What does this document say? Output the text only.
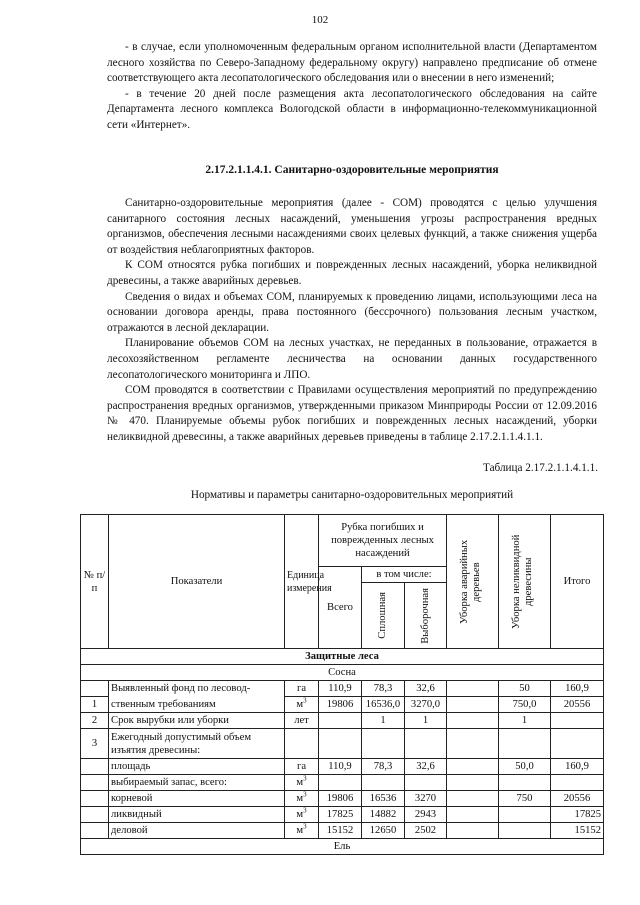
102

- в случае, если уполномоченным федеральным органом исполнительной власти (Департаментом лесного хозяйства по Северо-Западному федеральному округу) направлено предписание об отмене соответствующего акта лесопатологического обследования или о внесении в него изменений;

- в течение 20 дней после размещения акта лесопатологического обследования на сайте Департамента лесного комплекса Вологодской области в информационно-телекоммуникационной сети «Интернет».

2.17.2.1.1.4.1. Санитарно-оздоровительные мероприятия

Санитарно-оздоровительные мероприятия (далее - СОМ) проводятся с целью улучшения санитарного состояния лесных насаждений, уменьшения угрозы распространения вредных организмов, обеспечения лесными насаждениями своих целевых функций, а также снижения ущерба от воздействия неблагоприятных факторов.

К СОМ относятся рубка погибших и поврежденных лесных насаждений, уборка неликвидной древесины, а также аварийных деревьев.

Сведения о видах и объемах СОМ, планируемых к проведению лицами, использующими леса на основании договора аренды, права постоянного (бессрочного) пользования лесным участком, отражаются в лесной декларации.

Планирование объемов СОМ на лесных участках, не переданных в пользование, отражается в лесохозяйственном регламенте лесничества на основании данных государственного лесопатологического мониторинга и ЛПО.

СОМ проводятся в соответствии с Правилами осуществления мероприятий по предупреждению распространения вредных организмов, утвержденными приказом Минприроды России от 12.09.2016 № 470. Планируемые объемы рубок погибших и поврежденных лесных насаждений, уборки неликвидной древесины, а также аварийных деревьев приведены в таблице 2.17.2.1.1.4.1.1.

Таблица 2.17.2.1.1.4.1.1.
Нормативы и параметры санитарно-оздоровительных мероприятий
№ п/п	Показатели	Единица измерения	Рубка погибших и поврежденных лесных насаждений			Уборка аварийных деревьев	Уборка неликвидной древесины	Итого
			Всего	в том числе:				

				Сплошная	Выборочная			

Защитные леса								
Сосна								
	Выявленный фонд по лесовод-	га	110,9	78,3	32,6		50	160,9
1	ственным требованиям	$м^3$	19806	16536,0	3270,0		750,0	20556
2	Срок вырубки или уборки	лет		1	1		1	
3	Ежегодный допустимый объем изъятия древесины:							
	площадь	га	110,9	78,3	32,6		50,0	160,9
	выбираемый запас, всего:	$м^3$						
	корневой	$м^3$	19806	16536	3270		750	20556
	ликвидный	$м^3$	17825	14882	2943			17825
	деловой	$м^3$	15152	12650	2502			15152
Ель								
